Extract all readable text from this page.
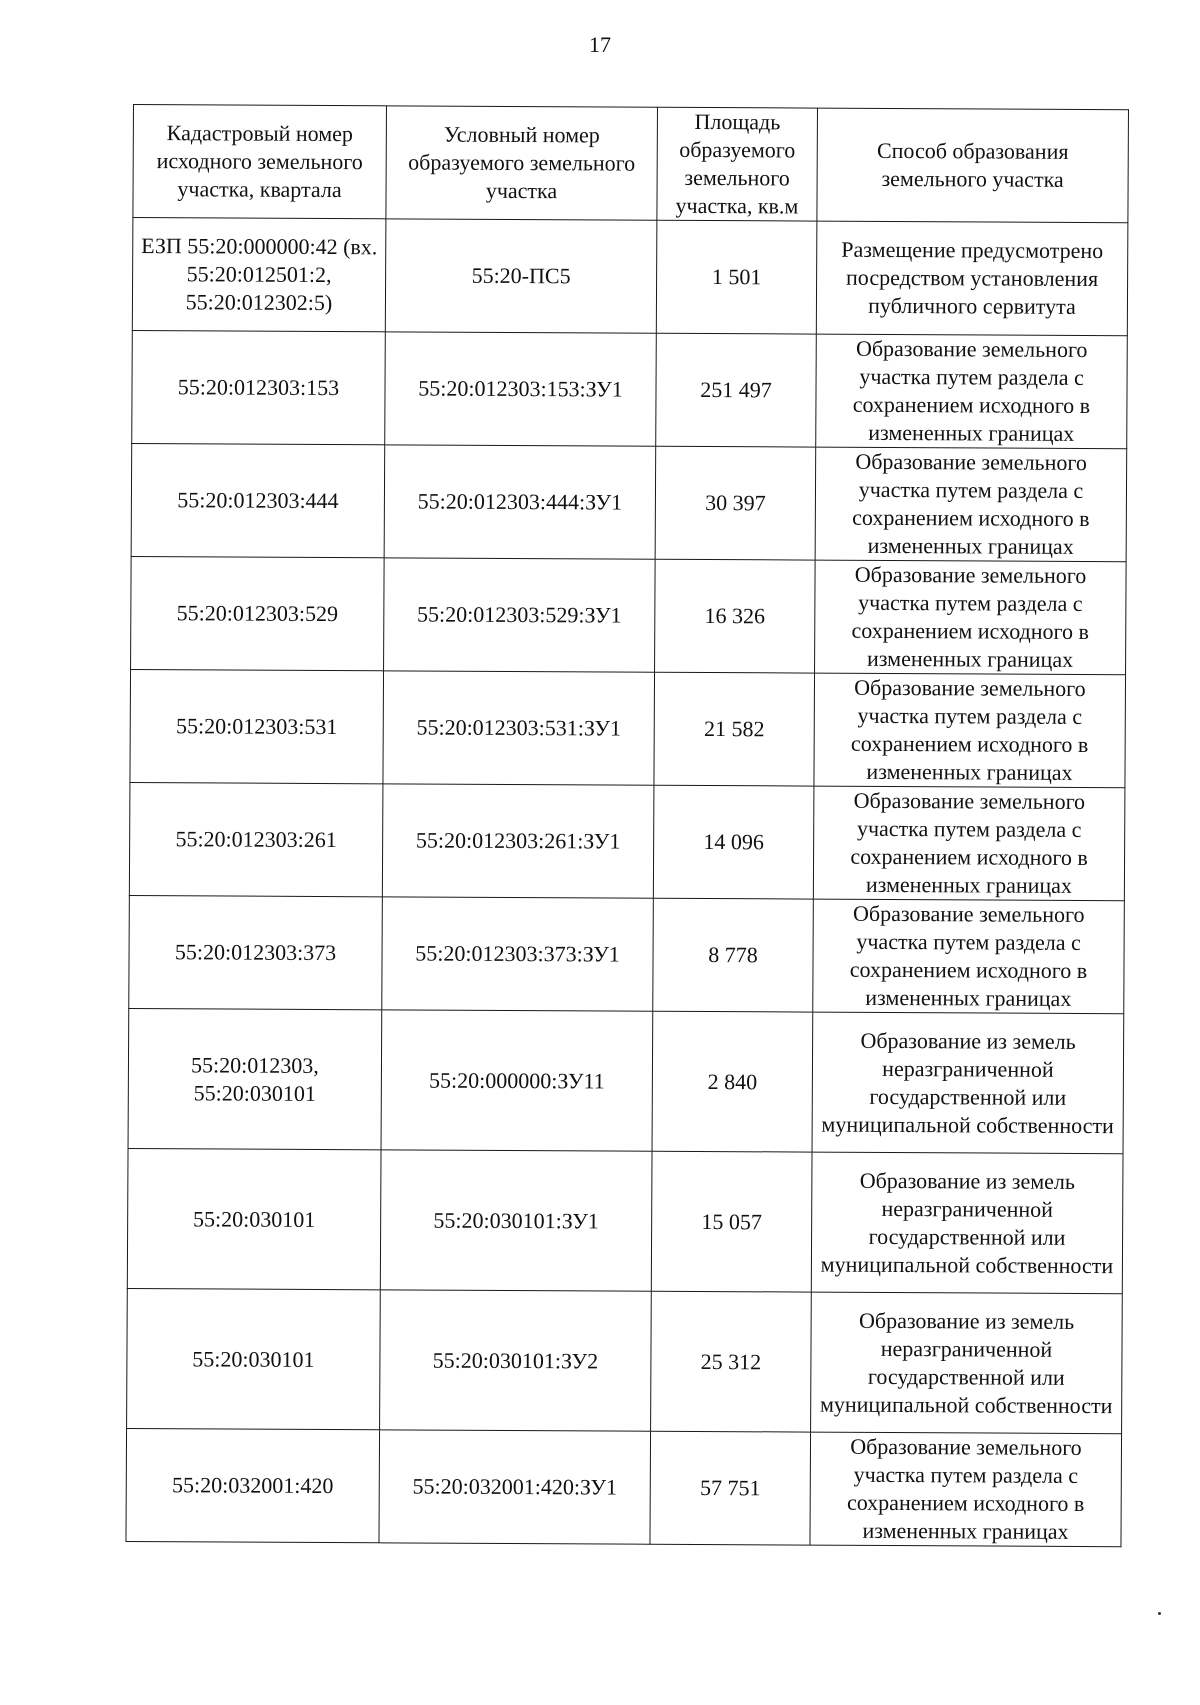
17
Кадастровый номер исходного земельного участка, квартала	Условный номер образуемого земельного участка	Площадь образуемого земельного участка, кв.м	Способ образования земельного участка
ЕЗП 55:20:000000:42 (вх. 55:20:012501:2, 55:20:012302:5)	55:20-ПС5	1 501	Размещение предусмотрено посредством установления публичного сервитута
55:20:012303:153	55:20:012303:153:ЗУ1	251 497	Образование земельного участка путем раздела с сохранением исходного в измененных границах
55:20:012303:444	55:20:012303:444:ЗУ1	30 397	Образование земельного участка путем раздела с сохранением исходного в измененных границах
55:20:012303:529	55:20:012303:529:ЗУ1	16 326	Образование земельного участка путем раздела с сохранением исходного в измененных границах
55:20:012303:531	55:20:012303:531:ЗУ1	21 582	Образование земельного участка путем раздела с сохранением исходного в измененных границах
55:20:012303:261	55:20:012303:261:ЗУ1	14 096	Образование земельного участка путем раздела с сохранением исходного в измененных границах
55:20:012303:373	55:20:012303:373:ЗУ1	8 778	Образование земельного участка путем раздела с сохранением исходного в измененных границах
55:20:012303, 55:20:030101	55:20:000000:ЗУ11	2 840	Образование из земель неразграниченной государственной или муниципальной собственности
55:20:030101	55:20:030101:ЗУ1	15 057	Образование из земель неразграниченной государственной или муниципальной собственности
55:20:030101	55:20:030101:ЗУ2	25 312	Образование из земель неразграниченной государственной или муниципальной собственности
55:20:032001:420	55:20:032001:420:ЗУ1	57 751	Образование земельного участка путем раздела с сохранением исходного в измененных границах
